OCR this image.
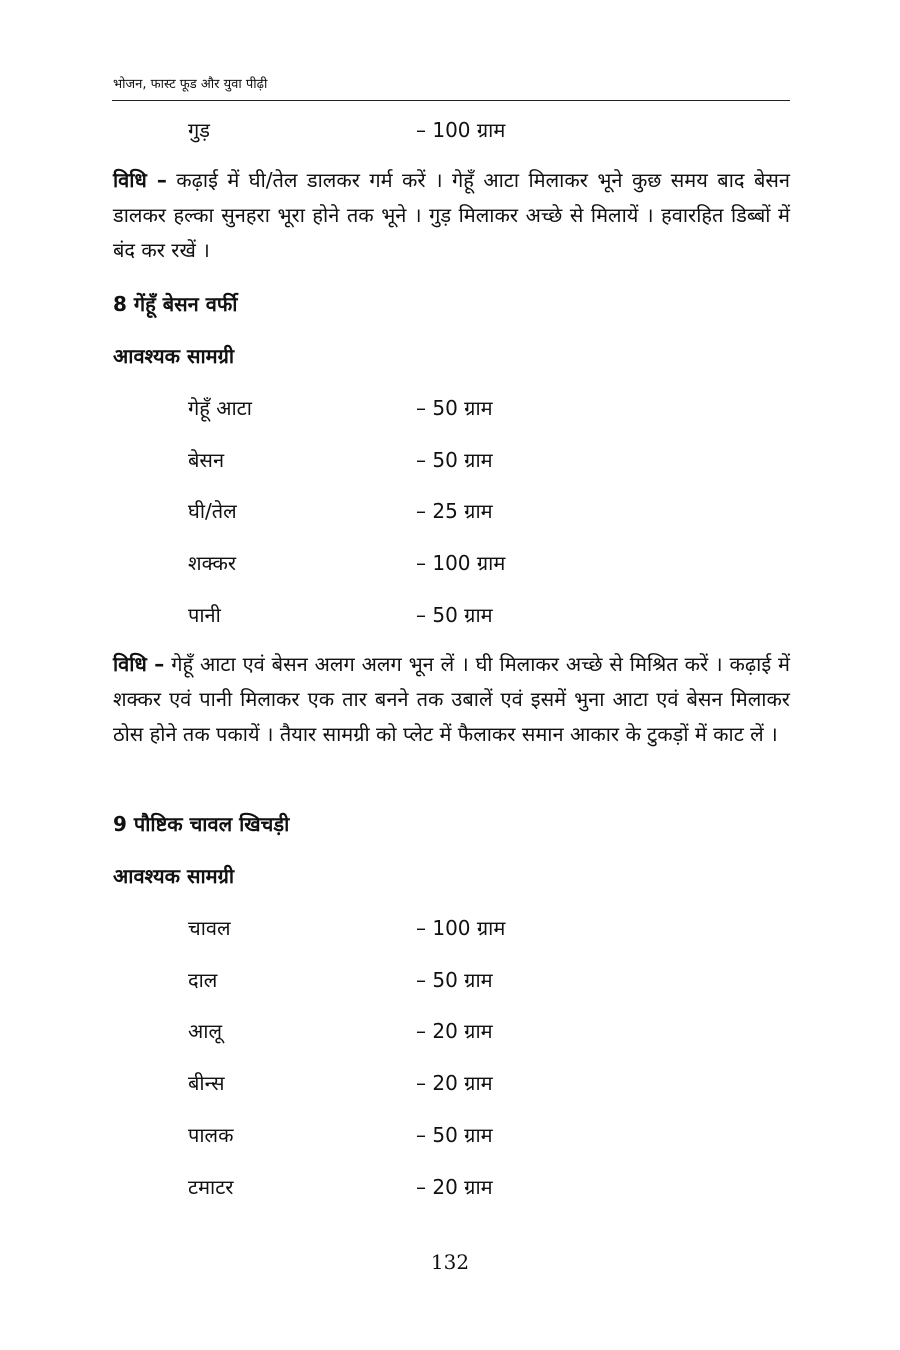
भोजन, फास्ट फूड और युवा पीढ़ी
गुड़	– 100 ग्राम
विधि – कढ़ाई में घी/तेल डालकर गर्म करें । गेहूँ आटा मिलाकर भूने कुछ समय बाद बेसन डालकर हल्का सुनहरा भूरा होने तक भूने । गुड़ मिलाकर अच्छे से मिलायें । हवारहित डिब्बों में बंद कर रखें ।
8 गेंहूँ बेसन वर्फी
आवश्यक सामग्री
गेहूँ आटा	– 50 ग्राम
बेसन	– 50 ग्राम
घी/तेल	– 25 ग्राम
शक्कर	– 100 ग्राम
पानी	– 50 ग्राम
विधि – गेहूँ आटा एवं बेसन अलग अलग भून लें । घी मिलाकर अच्छे से मिश्रित करें । कढ़ाई में शक्कर एवं पानी मिलाकर एक तार बनने तक उबालें एवं इसमें भुना आटा एवं बेसन मिलाकर ठोस होने तक पकायें । तैयार सामग्री को प्लेट में फैलाकर समान आकार के टुकड़ों में काट लें ।
9 पौष्टिक चावल खिचड़ी
आवश्यक सामग्री
चावल	– 100 ग्राम
दाल	– 50 ग्राम
आलू	– 20 ग्राम
बीन्स	– 20 ग्राम
पालक	– 50 ग्राम
टमाटर	– 20 ग्राम
132
